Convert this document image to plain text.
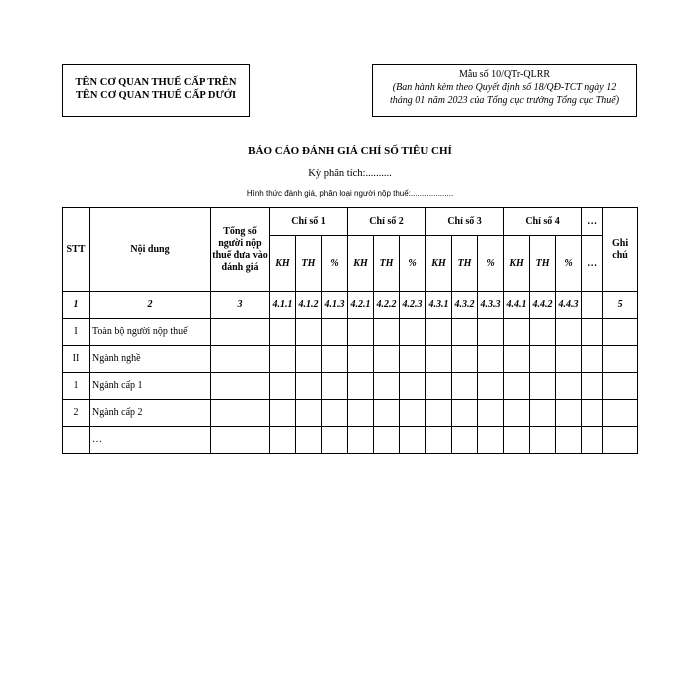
TÊN CƠ QUAN THUẾ CẤP TRÊN
TÊN CƠ QUAN THUẾ CẤP DƯỚI
Mẫu số 10/QTr-QLRR
(Ban hành kèm theo Quyết định số 18/QĐ-TCT ngày 12
tháng 01 năm 2023 của Tổng cục trưởng Tổng cục Thuế)
BÁO CÁO ĐÁNH GIÁ CHỈ SỐ TIÊU CHÍ
Kỳ phân tích:..........
Hình thức đánh giá, phân loại người nộp thuế:...................
STT	Nội dung	Tổng số người nộp thuế đưa vào đánh giá	Chỉ số 1			Chỉ số 2			Chỉ số 3			Chỉ số 4			…	Ghi chú
			KH	TH	%	KH	TH	%	KH	TH	%	KH	TH	%	…	
1	2	3	4.1.1	4.1.2	4.1.3	4.2.1	4.2.2	4.2.3	4.3.1	4.3.2	4.3.3	4.4.1	4.4.2	4.4.3		5
I	Toàn bộ người nộp thuế															
II	Ngành nghề															
1	Ngành cấp 1															
2	Ngành cấp 2															
	…															
